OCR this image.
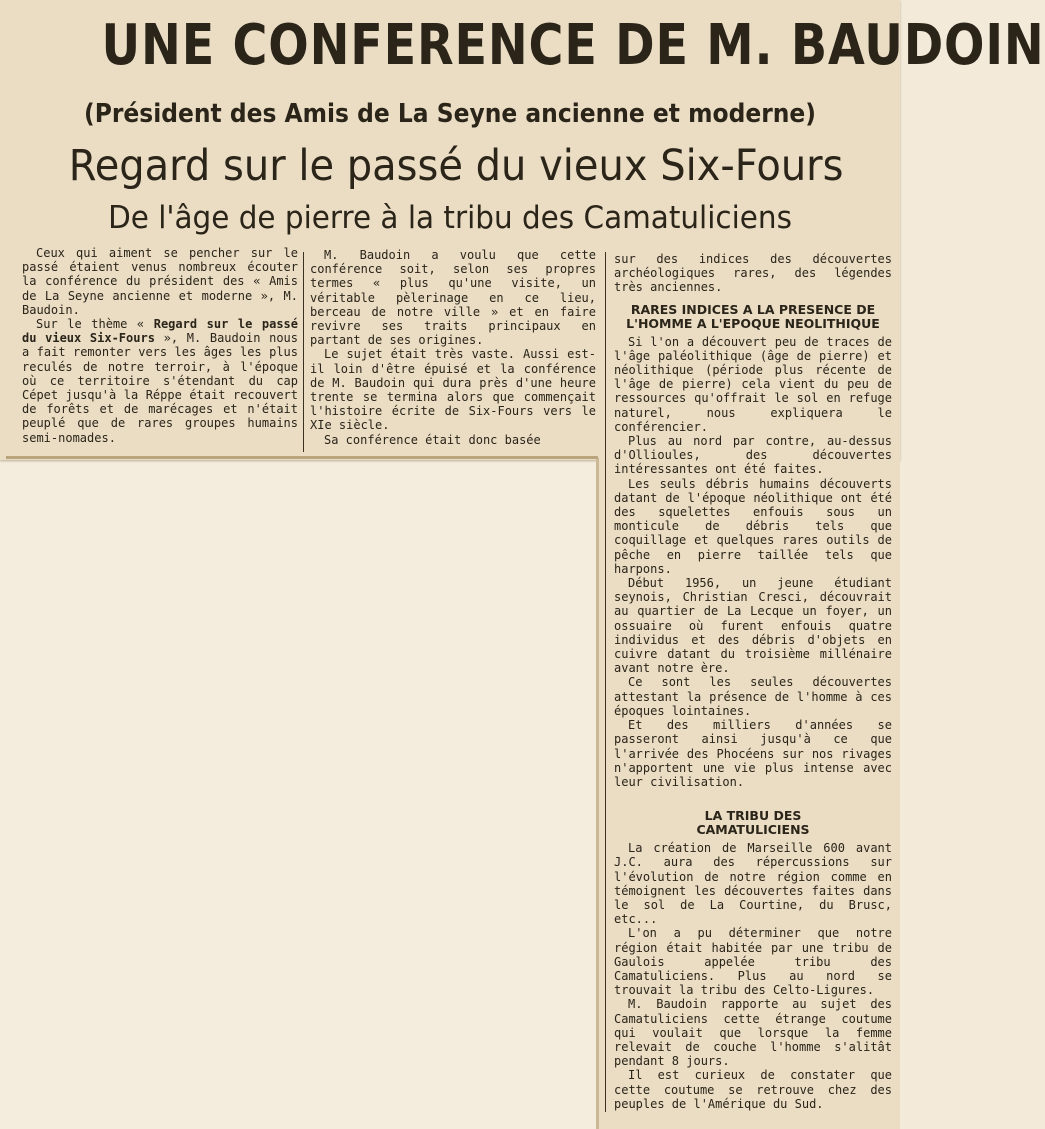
UNE CONFERENCE DE M. BAUDOIN
(Président des Amis de La Seyne ancienne et moderne)
Regard sur le passé du vieux Six-Fours
De l'âge de pierre à la tribu des Camatuliciens

Ceux qui aiment se pencher sur le passé étaient venus nombreux écouter la conférence du président des « Amis de La Seyne ancienne et moderne », M. Baudoin.

Sur le thème « Regard sur le passé du vieux Six-Fours », M. Baudoin nous a fait remonter vers les âges les plus reculés de notre terroir, à l'époque où ce territoire s'étendant du cap Cépet jusqu'à la Réppe était recouvert de forêts et de marécages et n'était peuplé que de rares groupes humains semi-nomades.

M. Baudoin a voulu que cette conférence soit, selon ses propres termes « plus qu'une visite, un véritable pèlerinage en ce lieu, berceau de notre ville » et en faire revivre ses traits principaux en partant de ses origines.

Le sujet était très vaste. Aussi est-il loin d'être épuisé et la conférence de M. Baudoin qui dura près d'une heure trente se termina alors que commençait l'histoire écrite de Six-Fours vers le XIe siècle.

Sa conférence était donc basée

sur des indices des découvertes archéologiques rares, des légendes très anciennes.

RARES INDICES A LA PRESENCE DE L'HOMME A L'EPOQUE NEOLITHIQUE

Si l'on a découvert peu de traces de l'âge paléolithique (âge de pierre) et néolithique (période plus récente de l'âge de pierre) cela vient du peu de ressources qu'offrait le sol en refuge naturel, nous expliquera le conférencier.

Plus au nord par contre, au-dessus d'Ollioules, des découvertes intéressantes ont été faites.

Les seuls débris humains découverts datant de l'époque néolithique ont été des squelettes enfouis sous un monticule de débris tels que coquillage et quelques rares outils de pêche en pierre taillée tels que harpons.

Début 1956, un jeune étudiant seynois, Christian Cresci, découvrait au quartier de La Lecque un foyer, un ossuaire où furent enfouis quatre individus et des débris d'objets en cuivre datant du troisième millénaire avant notre ère.

Ce sont les seules découvertes attestant la présence de l'homme à ces époques lointaines.

Et des milliers d'années se passeront ainsi jusqu'à ce que l'arrivée des Phocéens sur nos rivages n'apportent une vie plus intense avec leur civilisation.

LA TRIBU DES CAMATULICIENS

La création de Marseille 600 avant J.C. aura des répercussions sur l'évolution de notre région comme en témoignent les découvertes faites dans le sol de La Courtine, du Brusc, etc...

L'on a pu déterminer que notre région était habitée par une tribu de Gaulois appelée tribu des Camatuliciens. Plus au nord se trouvait la tribu des Celto-Ligures.

M. Baudoin rapporte au sujet des Camatuliciens cette étrange coutume qui voulait que lorsque la femme relevait de couche l'homme s'alitât pendant 8 jours.

Il est curieux de constater que cette coutume se retrouve chez des peuples de l'Amérique du Sud.
